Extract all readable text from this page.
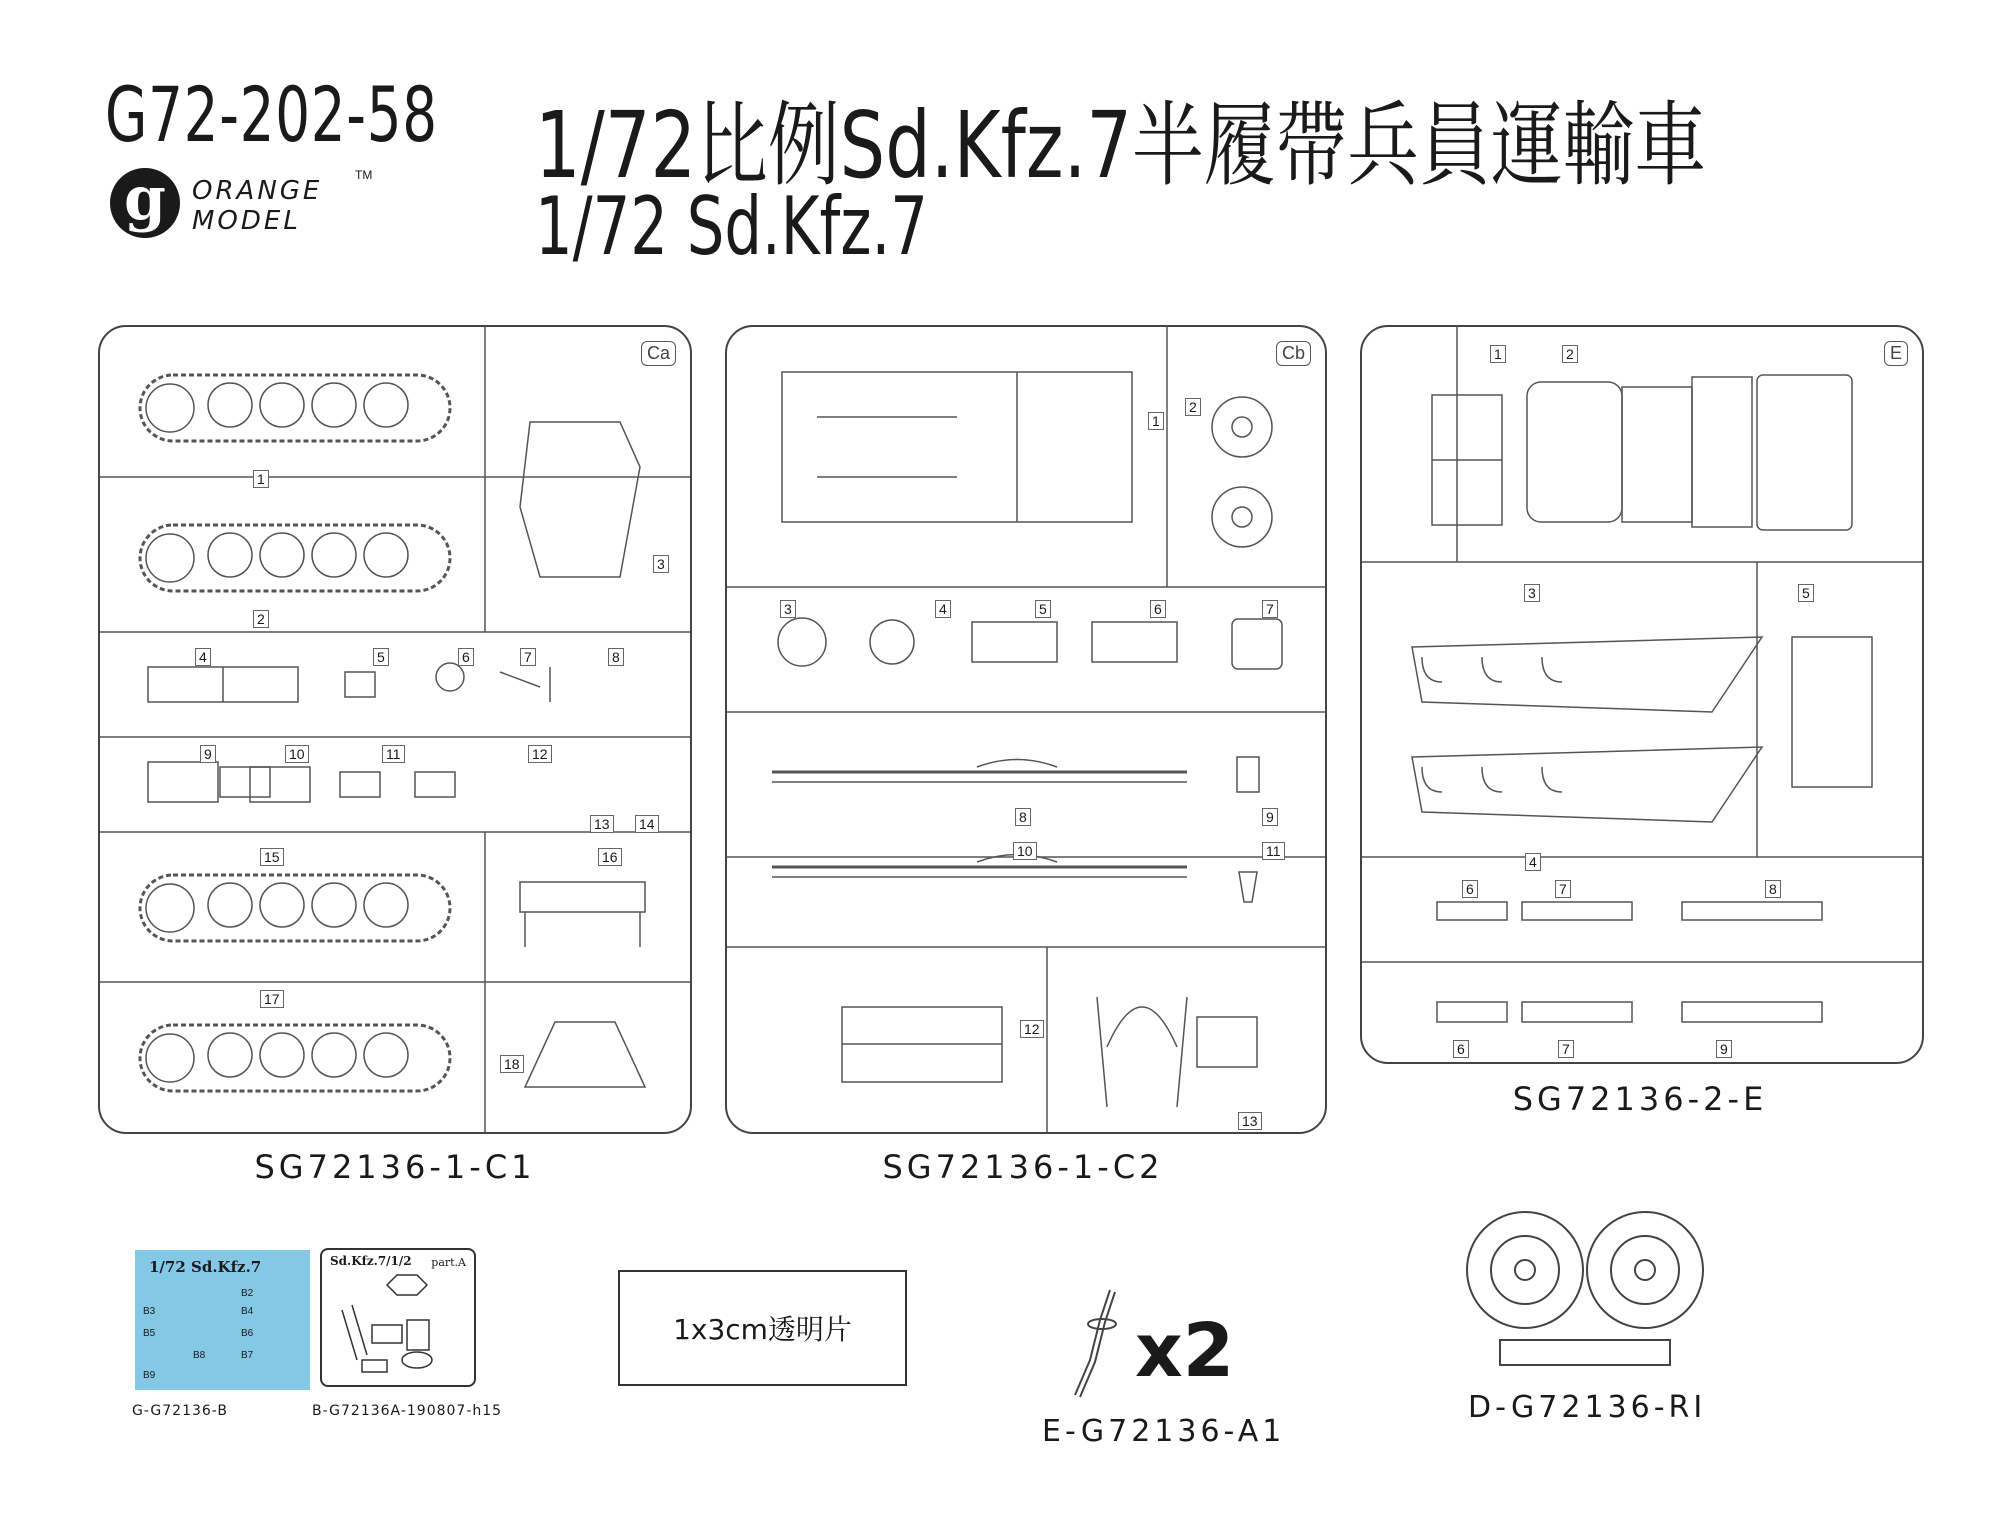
G72-202-58
g	ORANGE
MODEL
TM 1/72比例Sd.Kfz.7半履帶兵員運輸車
1/72 Sd.Kfz.7
Ca
SG72136-1-C1
Cb
SG72136-1-C2
E
SG72136-2-E
1/72 Sd.Kfz.7
B2
B3	B4
B5	B6
B7
B8
B9
G-G72136-B
Sd.Kfz.7/1/2 part.A
B-G72136A-190807-h15
1x3cm透明片	x2
E-G72136-A1
D-G72136-RI
1
2
3
4	5	6	7	8
9	10	11	12
13 14
15	16
17
18
1
2
3	4	5	6	7
8	9
10	11
12
13
1	2
3
4
5
6	7	8
6	7	9
